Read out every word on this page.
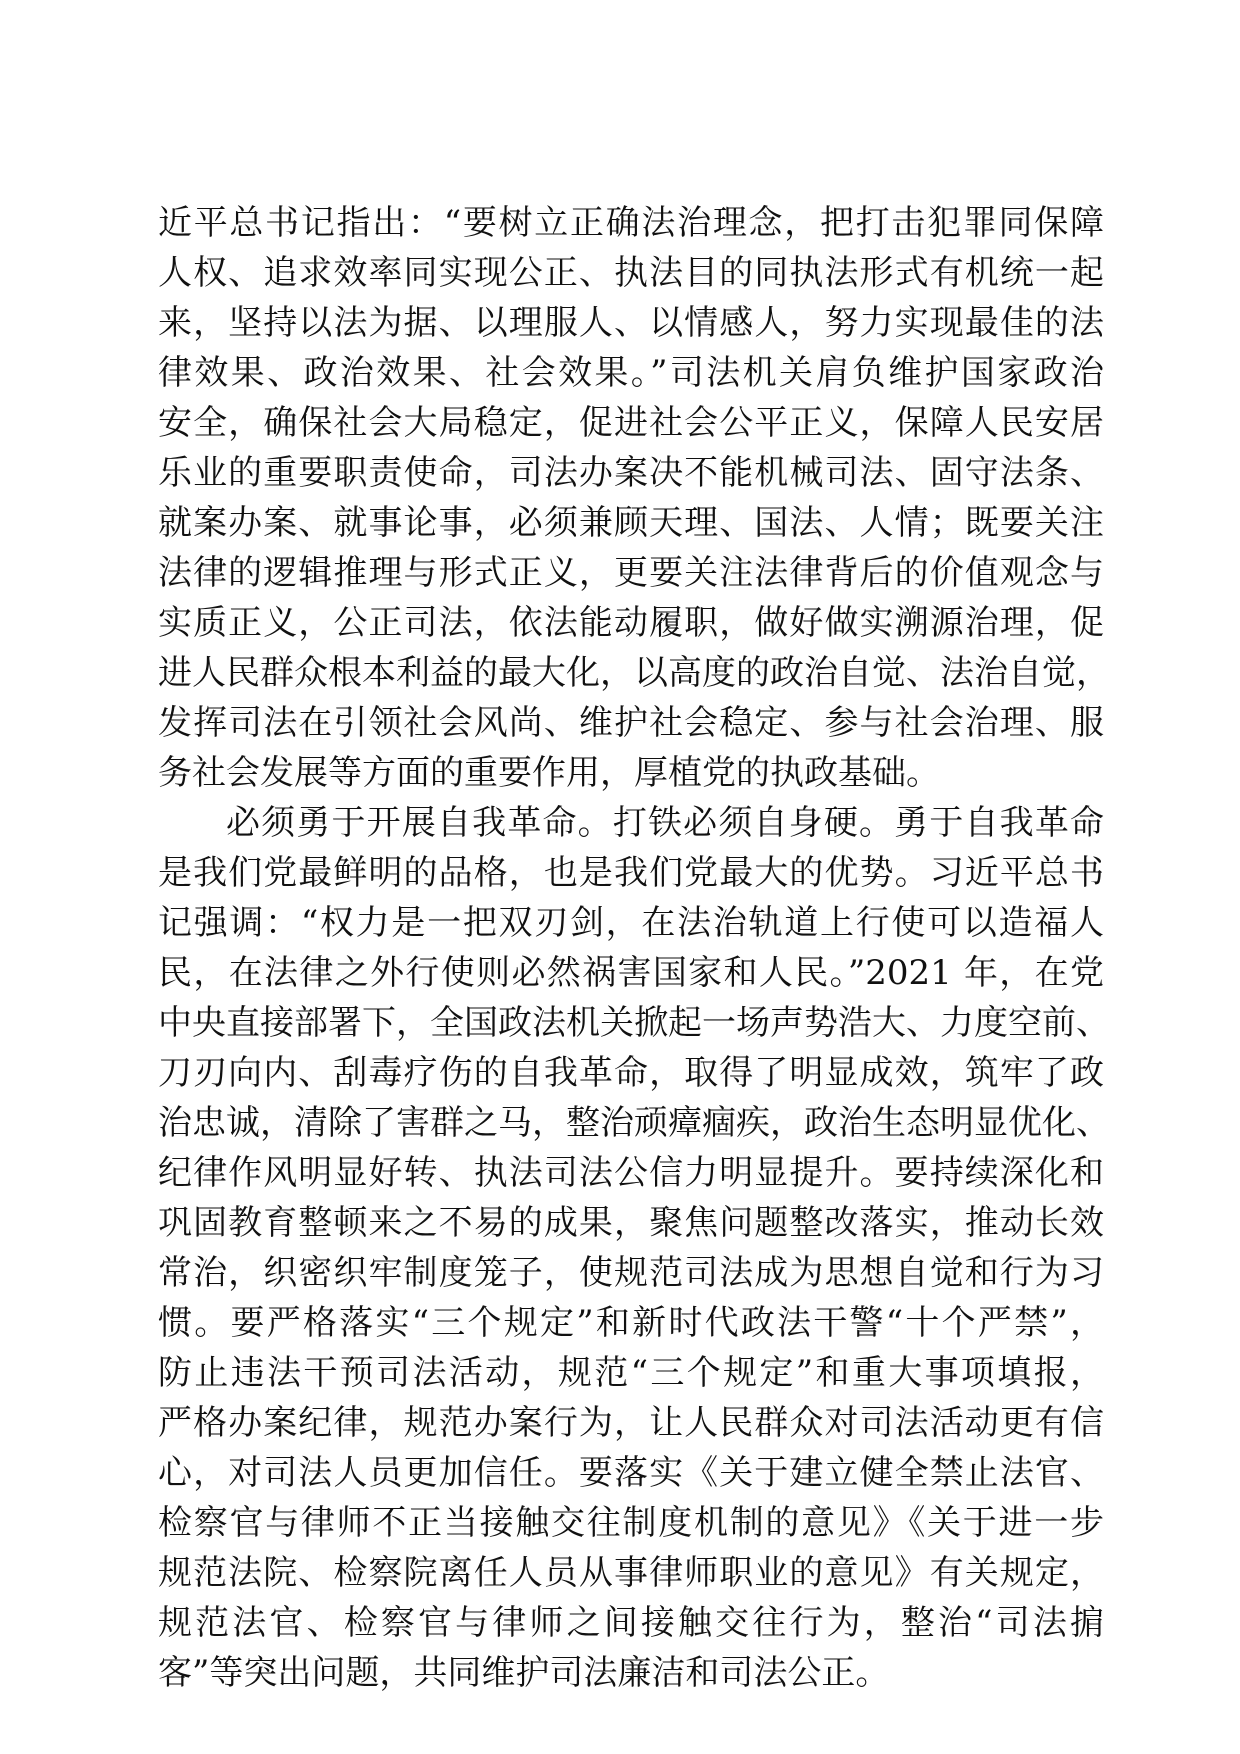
近平总书记指出：“要树立正确法治理念，把打击犯罪同保障
人权、追求效率同实现公正、执法目的同执法形式有机统一起
来，坚持以法为据、以理服人、以情感人，努力实现最佳的法
律效果、政治效果、社会效果。”司法机关肩负维护国家政治
安全，确保社会大局稳定，促进社会公平正义，保障人民安居
乐业的重要职责使命，司法办案决不能机械司法、固守法条、
就案办案、就事论事，必须兼顾天理、国法、人情；既要关注
法律的逻辑推理与形式正义，更要关注法律背后的价值观念与
实质正义，公正司法，依法能动履职，做好做实溯源治理，促
进人民群众根本利益的最大化，以高度的政治自觉、法治自觉，
发挥司法在引领社会风尚、维护社会稳定、参与社会治理、服
务社会发展等方面的重要作用，厚植党的执政基础。
必须勇于开展自我革命。打铁必须自身硬。勇于自我革命
是我们党最鲜明的品格，也是我们党最大的优势。习近平总书
记强调：“权力是一把双刃剑，在法治轨道上行使可以造福人
民，在法律之外行使则必然祸害国家和人民。”2021 年，在党
中央直接部署下，全国政法机关掀起一场声势浩大、力度空前、
刀刃向内、刮毒疗伤的自我革命，取得了明显成效，筑牢了政
治忠诚，清除了害群之马，整治顽瘴痼疾，政治生态明显优化、
纪律作风明显好转、执法司法公信力明显提升。要持续深化和
巩固教育整顿来之不易的成果，聚焦问题整改落实，推动长效
常治，织密织牢制度笼子，使规范司法成为思想自觉和行为习
惯。要严格落实“三个规定”和新时代政法干警“十个严禁”，
防止违法干预司法活动，规范“三个规定”和重大事项填报，
严格办案纪律，规范办案行为，让人民群众对司法活动更有信
心，对司法人员更加信任。要落实《关于建立健全禁止法官、
检察官与律师不正当接触交往制度机制的意见》《关于进一步
规范法院、检察院离任人员从事律师职业的意见》有关规定，
规范法官、检察官与律师之间接触交往行为，整治“司法掮
客”等突出问题，共同维护司法廉洁和司法公正。
